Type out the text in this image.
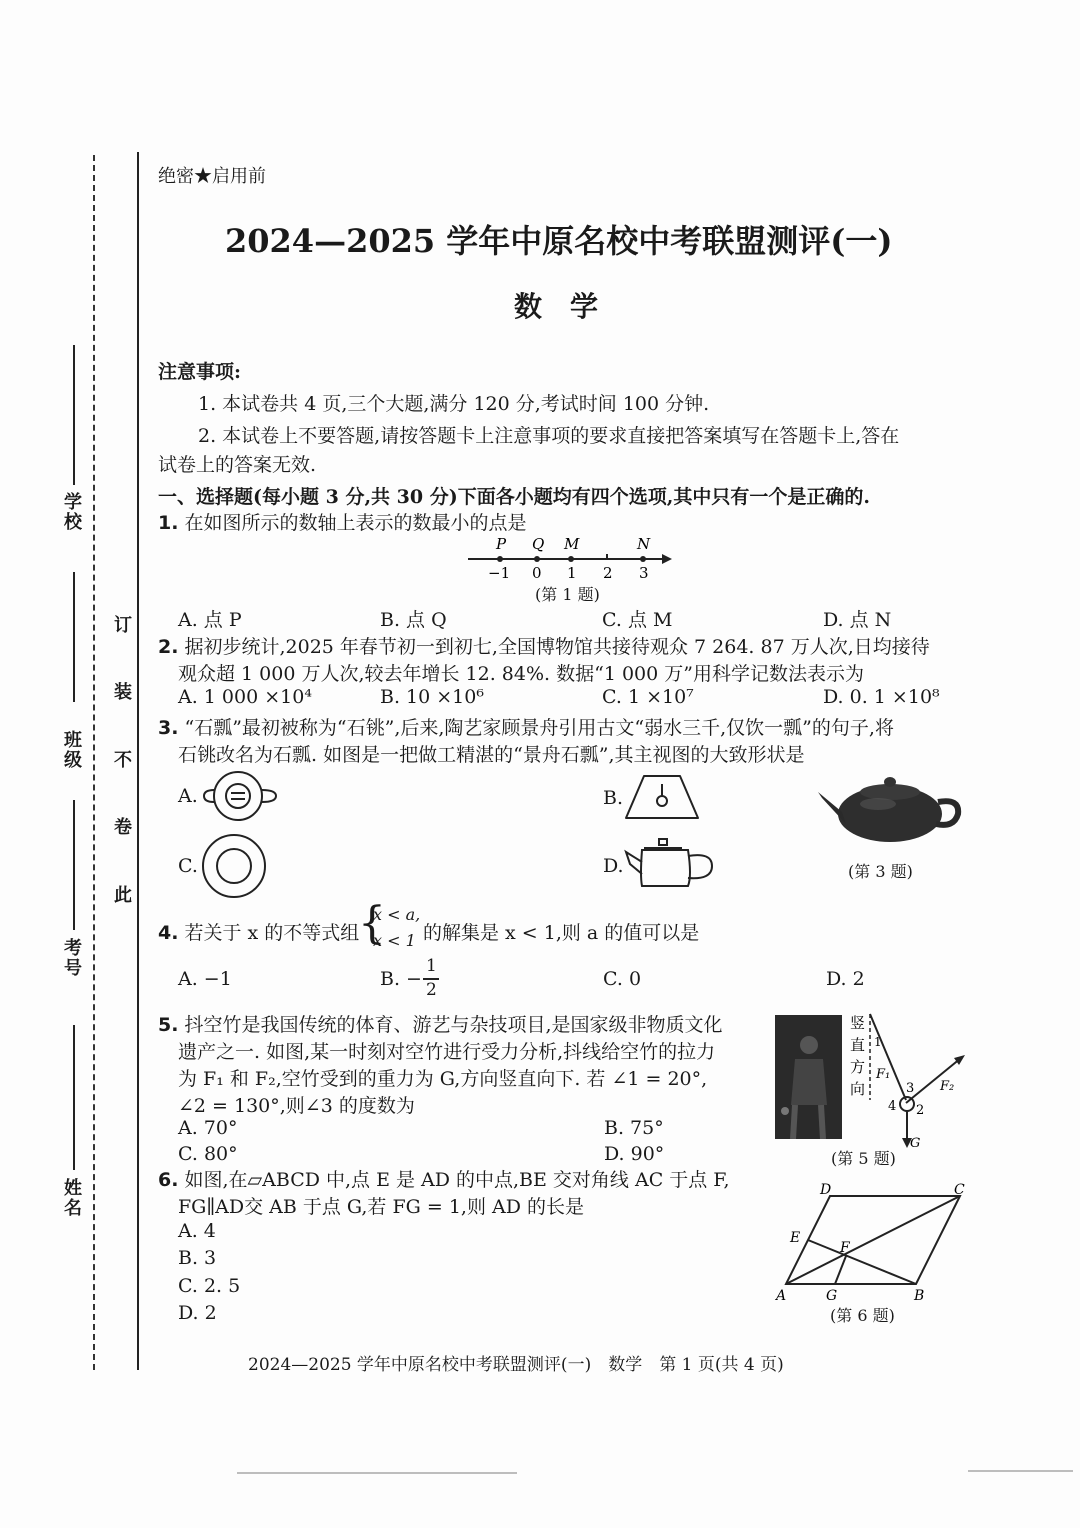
学校
班级
考号
姓名
订
装
不
卷
此
绝密★启用前
2024—2025 学年中原名校中考联盟测评(一)
数　学
注意事项:
1. 本试卷共 4 页,三个大题,满分 120 分,考试时间 100 分钟.
2. 本试卷上不要答题,请按答题卡上注意事项的要求直接把答案填写在答题卡上,答在
试卷上的答案无效.
一、选择题(每小题 3 分,共 30 分)下面各小题均有四个选项,其中只有一个是正确的.
1. 在如图所示的数轴上表示的数最小的点是
P Q M	N
−1 0 1 2 3
(第 1 题)
A. 点 P	B. 点 Q	C. 点 M	D. 点 N
2. 据初步统计,2025 年春节初一到初七,全国博物馆共接待观众 7 264. 87 万人次,日均接待
观众超 1 000 万人次,较去年增长 12. 84%. 数据“1 000 万”用科学记数法表示为
A. 1 000 ×10⁴	B. 10 ×10⁶	C. 1 ×10⁷	D. 0. 1 ×10⁸
3. “石瓢”最初被称为“石铫”,后来,陶艺家顾景舟引用古文“弱水三千,仅饮一瓢”的句子,将
石铫改名为石瓢. 如图是一把做工精湛的“景舟石瓢”,其主视图的大致形状是
A.	B.
C.	D.	(第 3 题)
4. 若关于 x 的不等式组
{
x < a,
x < 1 的解集是 x < 1,则 a 的值可以是
A. −1	B. −
1
2	C. 0	D. 2
5. 抖空竹是我国传统的体育、游艺与杂技项目,是国家级非物质文化
遗产之一. 如图,某一时刻对空竹进行受力分析,抖线给空竹的拉力
为 F₁ 和 F₂,空竹受到的重力为 G,方向竖直向下. 若 ∠1 = 20°,
∠2 = 130°,则∠3 的度数为
A. 70°	B. 75°
C. 80°	D. 90°
竖
直
方
向
F₁
F₂
G
1
2
3
4
(第 5 题)
6. 如图,在▱ABCD 中,点 E 是 AD 的中点,BE 交对角线 AC 于点 F,
FG∥AD交 AB 于点 G,若 FG = 1,则 AD 的长是
A. 4
B. 3
C. 2. 5
D. 2
A	B
C
D
E
F
G
(第 6 题)
2024—2025 学年中原名校中考联盟测评(一)　数学　第 1 页(共 4 页)
